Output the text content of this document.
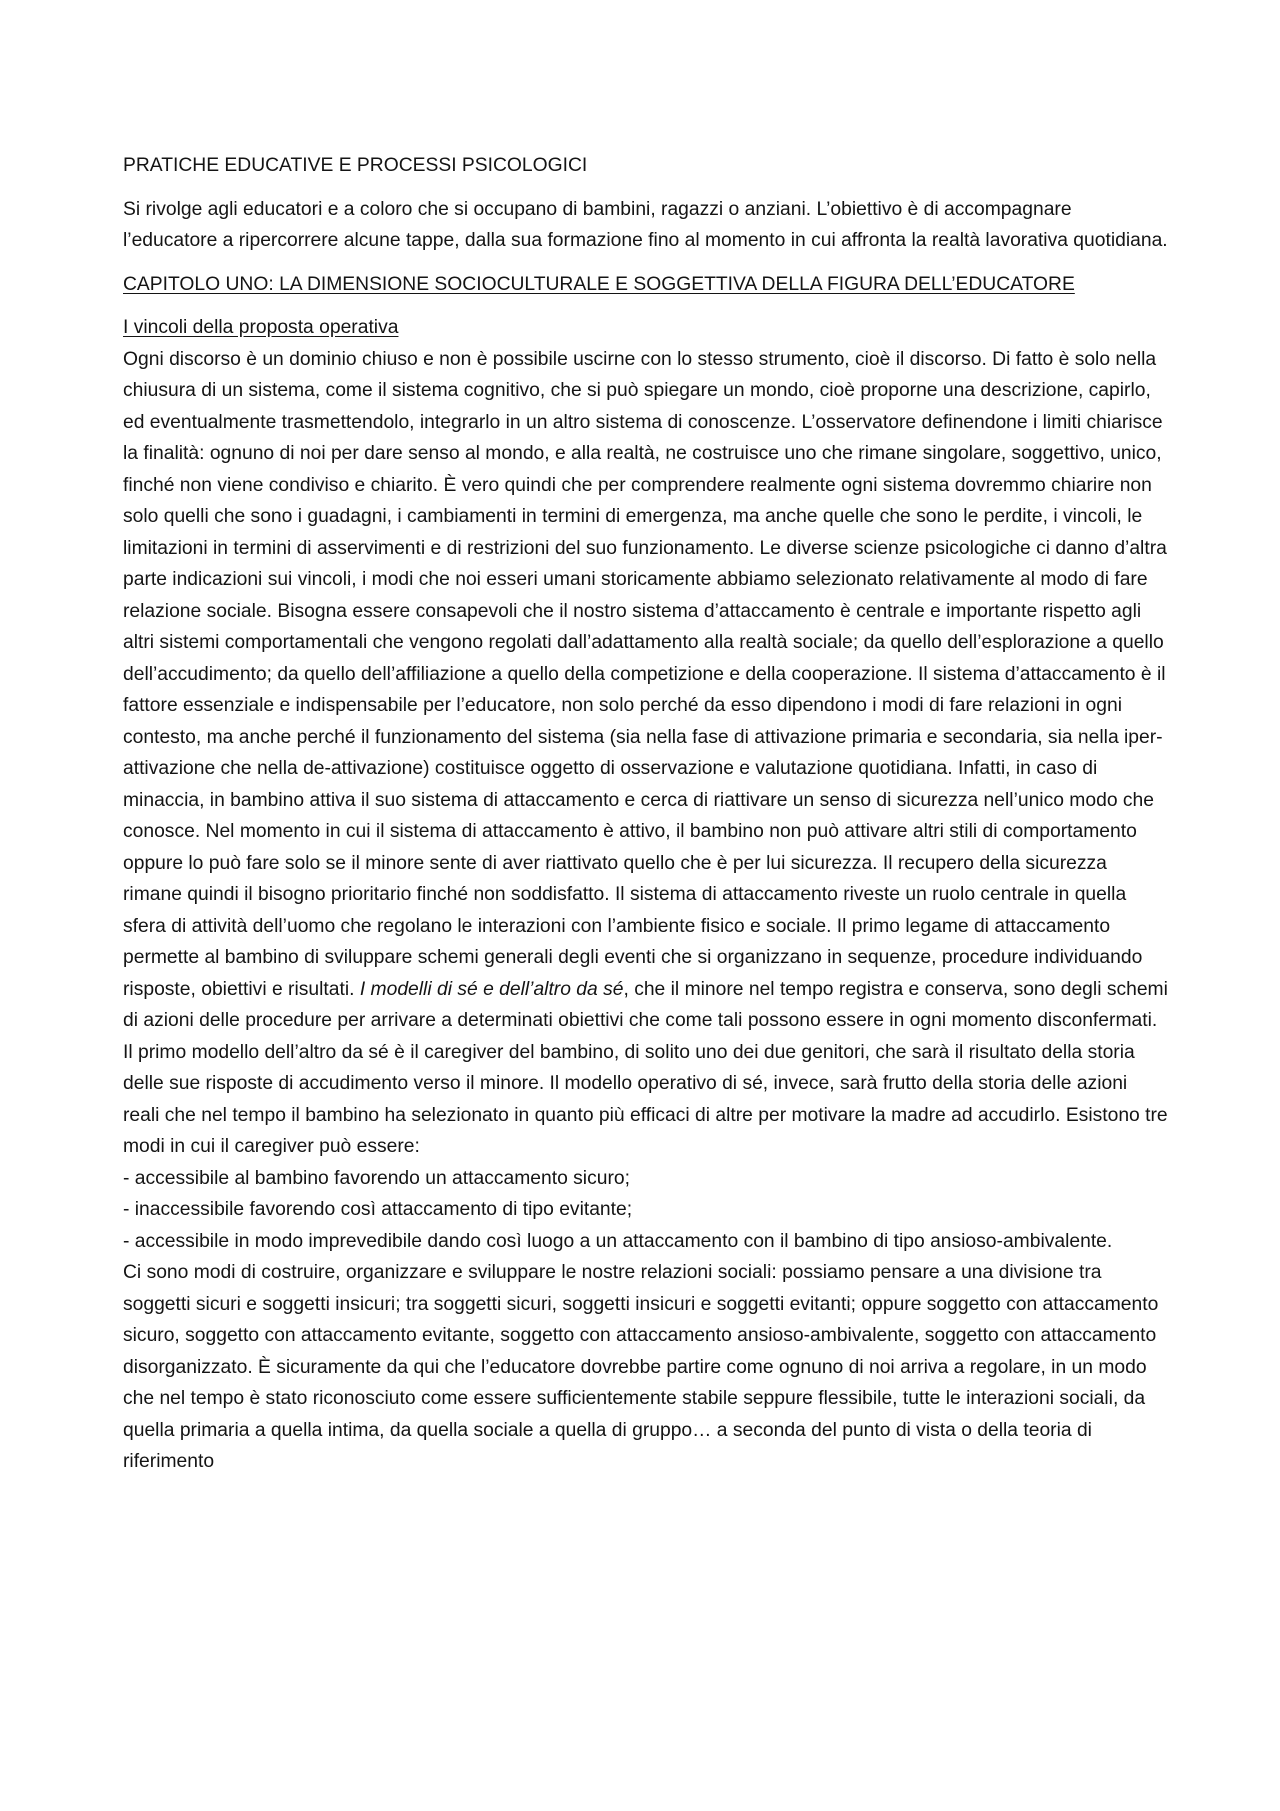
PRATICHE EDUCATIVE E PROCESSI PSICOLOGICI

Si rivolge agli educatori e a coloro che si occupano di bambini, ragazzi o anziani. L’obiettivo è di accompagnare l’educatore a ripercorrere alcune tappe, dalla sua formazione fino al momento in cui affronta la realtà lavorativa quotidiana.

CAPITOLO UNO: LA DIMENSIONE SOCIOCULTURALE E SOGGETTIVA DELLA FIGURA DELL’EDUCATORE

I vincoli della proposta operativa

Ogni discorso è un dominio chiuso e non è possibile uscirne con lo stesso strumento, cioè il discorso. Di fatto è solo nella chiusura di un sistema, come il sistema cognitivo, che si può spiegare un mondo, cioè proporne una descrizione, capirlo, ed eventualmente trasmettendolo, integrarlo in un altro sistema di conoscenze. L’osservatore definendone i limiti chiarisce la finalità: ognuno di noi per dare senso al mondo, e alla realtà, ne costruisce uno che rimane singolare, soggettivo, unico, finché non viene condiviso e chiarito. È vero quindi che per comprendere realmente ogni sistema dovremmo chiarire non solo quelli che sono i guadagni, i cambiamenti in termini di emergenza, ma anche quelle che sono le perdite, i vincoli, le limitazioni in termini di asservimenti e di restrizioni del suo funzionamento. Le diverse scienze psicologiche ci danno d’altra parte indicazioni sui vincoli, i modi che noi esseri umani storicamente abbiamo selezionato relativamente al modo di fare relazione sociale. Bisogna essere consapevoli che il nostro sistema d’attaccamento è centrale e importante rispetto agli altri sistemi comportamentali che vengono regolati dall’adattamento alla realtà sociale; da quello dell’esplorazione a quello dell’accudimento; da quello dell’affiliazione a quello della competizione e della cooperazione. Il sistema d’attaccamento è il fattore essenziale e indispensabile per l’educatore, non solo perché da esso dipendono i modi di fare relazioni in ogni contesto, ma anche perché il funzionamento del sistema (sia nella fase di attivazione primaria e secondaria, sia nella iper-attivazione che nella de-attivazione) costituisce oggetto di osservazione e valutazione quotidiana. Infatti, in caso di minaccia, in bambino attiva il suo sistema di attaccamento e cerca di riattivare un senso di sicurezza nell’unico modo che conosce. Nel momento in cui il sistema di attaccamento è attivo, il bambino non può attivare altri stili di comportamento oppure lo può fare solo se il minore sente di aver riattivato quello che è per lui sicurezza. Il recupero della sicurezza rimane quindi il bisogno prioritario finché non soddisfatto. Il sistema di attaccamento riveste un ruolo centrale in quella sfera di attività dell’uomo che regolano le interazioni con l’ambiente fisico e sociale. Il primo legame di attaccamento permette al bambino di sviluppare schemi generali degli eventi che si organizzano in sequenze, procedure individuando risposte, obiettivi e risultati. I modelli di sé e dell’altro da sé, che il minore nel tempo registra e conserva, sono degli schemi di azioni delle procedure per arrivare a determinati obiettivi che come tali possono essere in ogni momento disconfermati. Il primo modello dell’altro da sé è il caregiver del bambino, di solito uno dei due genitori, che sarà il risultato della storia delle sue risposte di accudimento verso il minore. Il modello operativo di sé, invece, sarà frutto della storia delle azioni reali che nel tempo il bambino ha selezionato in quanto più efficaci di altre per motivare la madre ad accudirlo. Esistono tre modi in cui il caregiver può essere:

- accessibile al bambino favorendo un attaccamento sicuro;

- inaccessibile favorendo così attaccamento di tipo evitante;

- accessibile in modo imprevedibile dando così luogo a un attaccamento con il bambino di tipo ansioso-ambivalente.

Ci sono modi di costruire, organizzare e sviluppare le nostre relazioni sociali: possiamo pensare a una divisione tra soggetti sicuri e soggetti insicuri; tra soggetti sicuri, soggetti insicuri e soggetti evitanti; oppure soggetto con attaccamento sicuro, soggetto con attaccamento evitante, soggetto con attaccamento ansioso-ambivalente, soggetto con attaccamento disorganizzato. È sicuramente da qui che l’educatore dovrebbe partire come ognuno di noi arriva a regolare, in un modo che nel tempo è stato riconosciuto come essere sufficientemente stabile seppure flessibile, tutte le interazioni sociali, da quella primaria a quella intima, da quella sociale a quella di gruppo… a seconda del punto di vista o della teoria di riferimento
